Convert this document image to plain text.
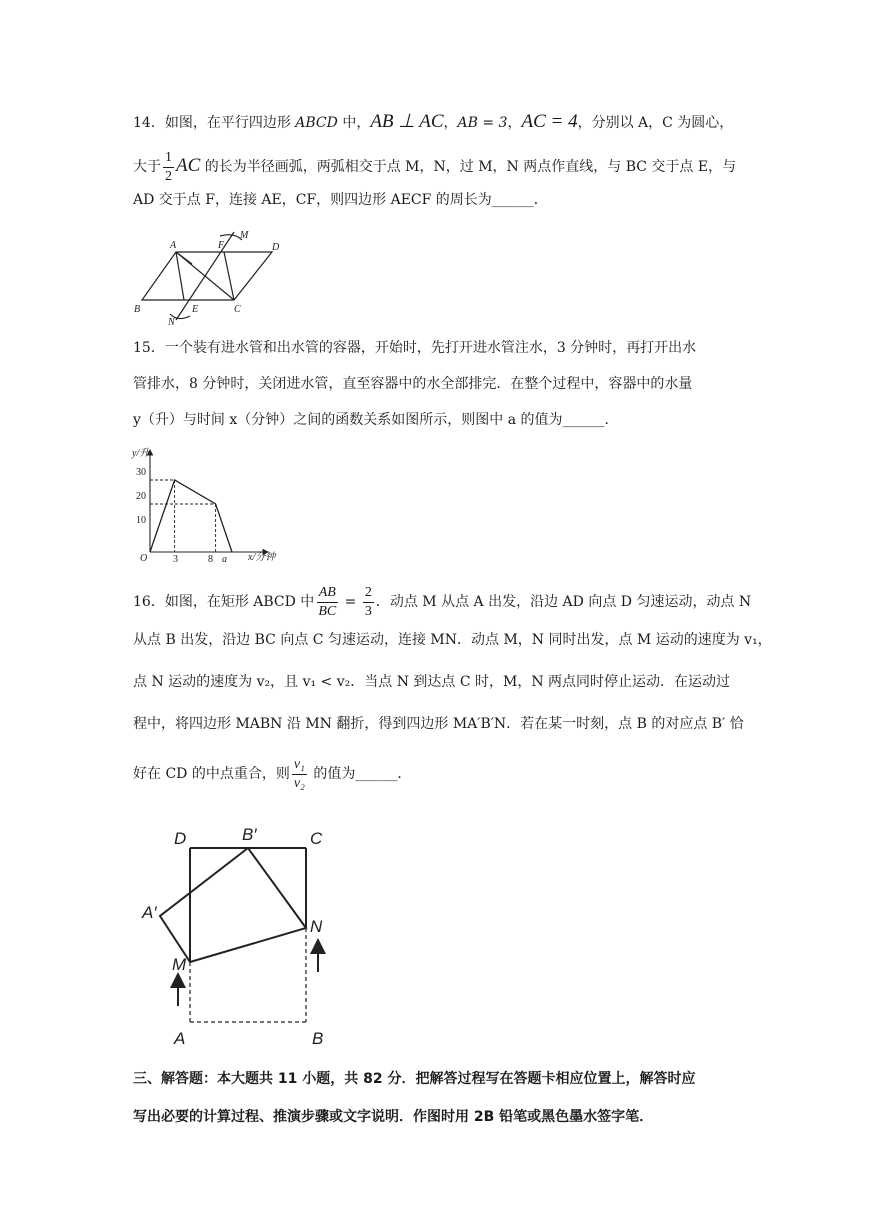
14．如图，在平行四边形 ABCD 中，AB ⊥ AC，AB = 3，AC = 4，分别以 A，C 为圆心，
大于 $\frac{1}{2}$ AC 的长为半径画弧，两弧相交于点 M，N，过 M，N 两点作直线，与 BC 交于点 E，与
AD 交于点 F，连接 AE，CF，则四边形 AECF 的周长为______．
A	F
M
D
B	E	C
N
15．一个装有进水管和出水管的容器，开始时，先打开进水管注水，3 分钟时，再打开出水
管排水，8 分钟时，关闭进水管，直至容器中的水全部排完．在整个过程中，容器中的水量
y（升）与时间 x（分钟）之间的函数关系如图所示，则图中 a 的值为______．
y/升
x/分钟
O
10
20
30
3	8 a
16．如图，在矩形 ABCD 中 $\frac{AB}{BC} = \frac{2}{3}$ ．动点 M 从点 A 出发，沿边 AD 向点 D 匀速运动，动点 N
从点 B 出发，沿边 BC 向点 C 匀速运动，连接 MN．动点 M，N 同时出发，点 M 运动的速度为 v₁，
点 N 运动的速度为 v₂，且 v₁ < v₂．当点 N 到达点 C 时，M，N 两点同时停止运动．在运动过
程中，将四边形 MABN 沿 MN 翻折，得到四边形 MA′B′N．若在某一时刻，点 B 的对应点 B′ 恰
好在 CD 的中点重合，则 $\frac{\text{v₁}}{\text{v₂}}$ 的值为______．
D	B′	C
A′
N
M
A	B
三、解答题：本大题共 11 小题，共 82 分．把解答过程写在答题卡相应位置上，解答时应
写出必要的计算过程、推演步骤或文字说明．作图时用 2B 铅笔或黑色墨水签字笔．
